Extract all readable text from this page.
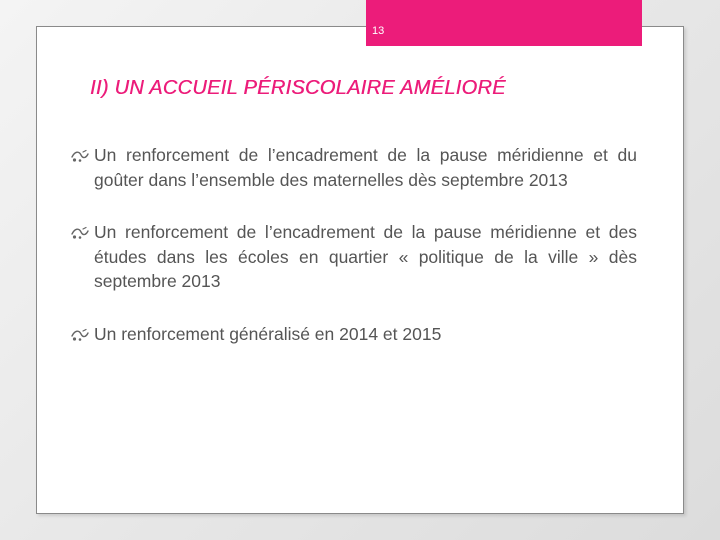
13
II) UN ACCUEIL PÉRISCOLAIRE AMÉLIORÉ
Un renforcement de l’encadrement de la pause méridienne et du goûter dans l’ensemble des maternelles dès septembre 2013
Un renforcement de l’encadrement de la pause méridienne et des études dans les écoles en quartier « politique de la ville » dès septembre 2013
Un renforcement généralisé en 2014 et 2015
